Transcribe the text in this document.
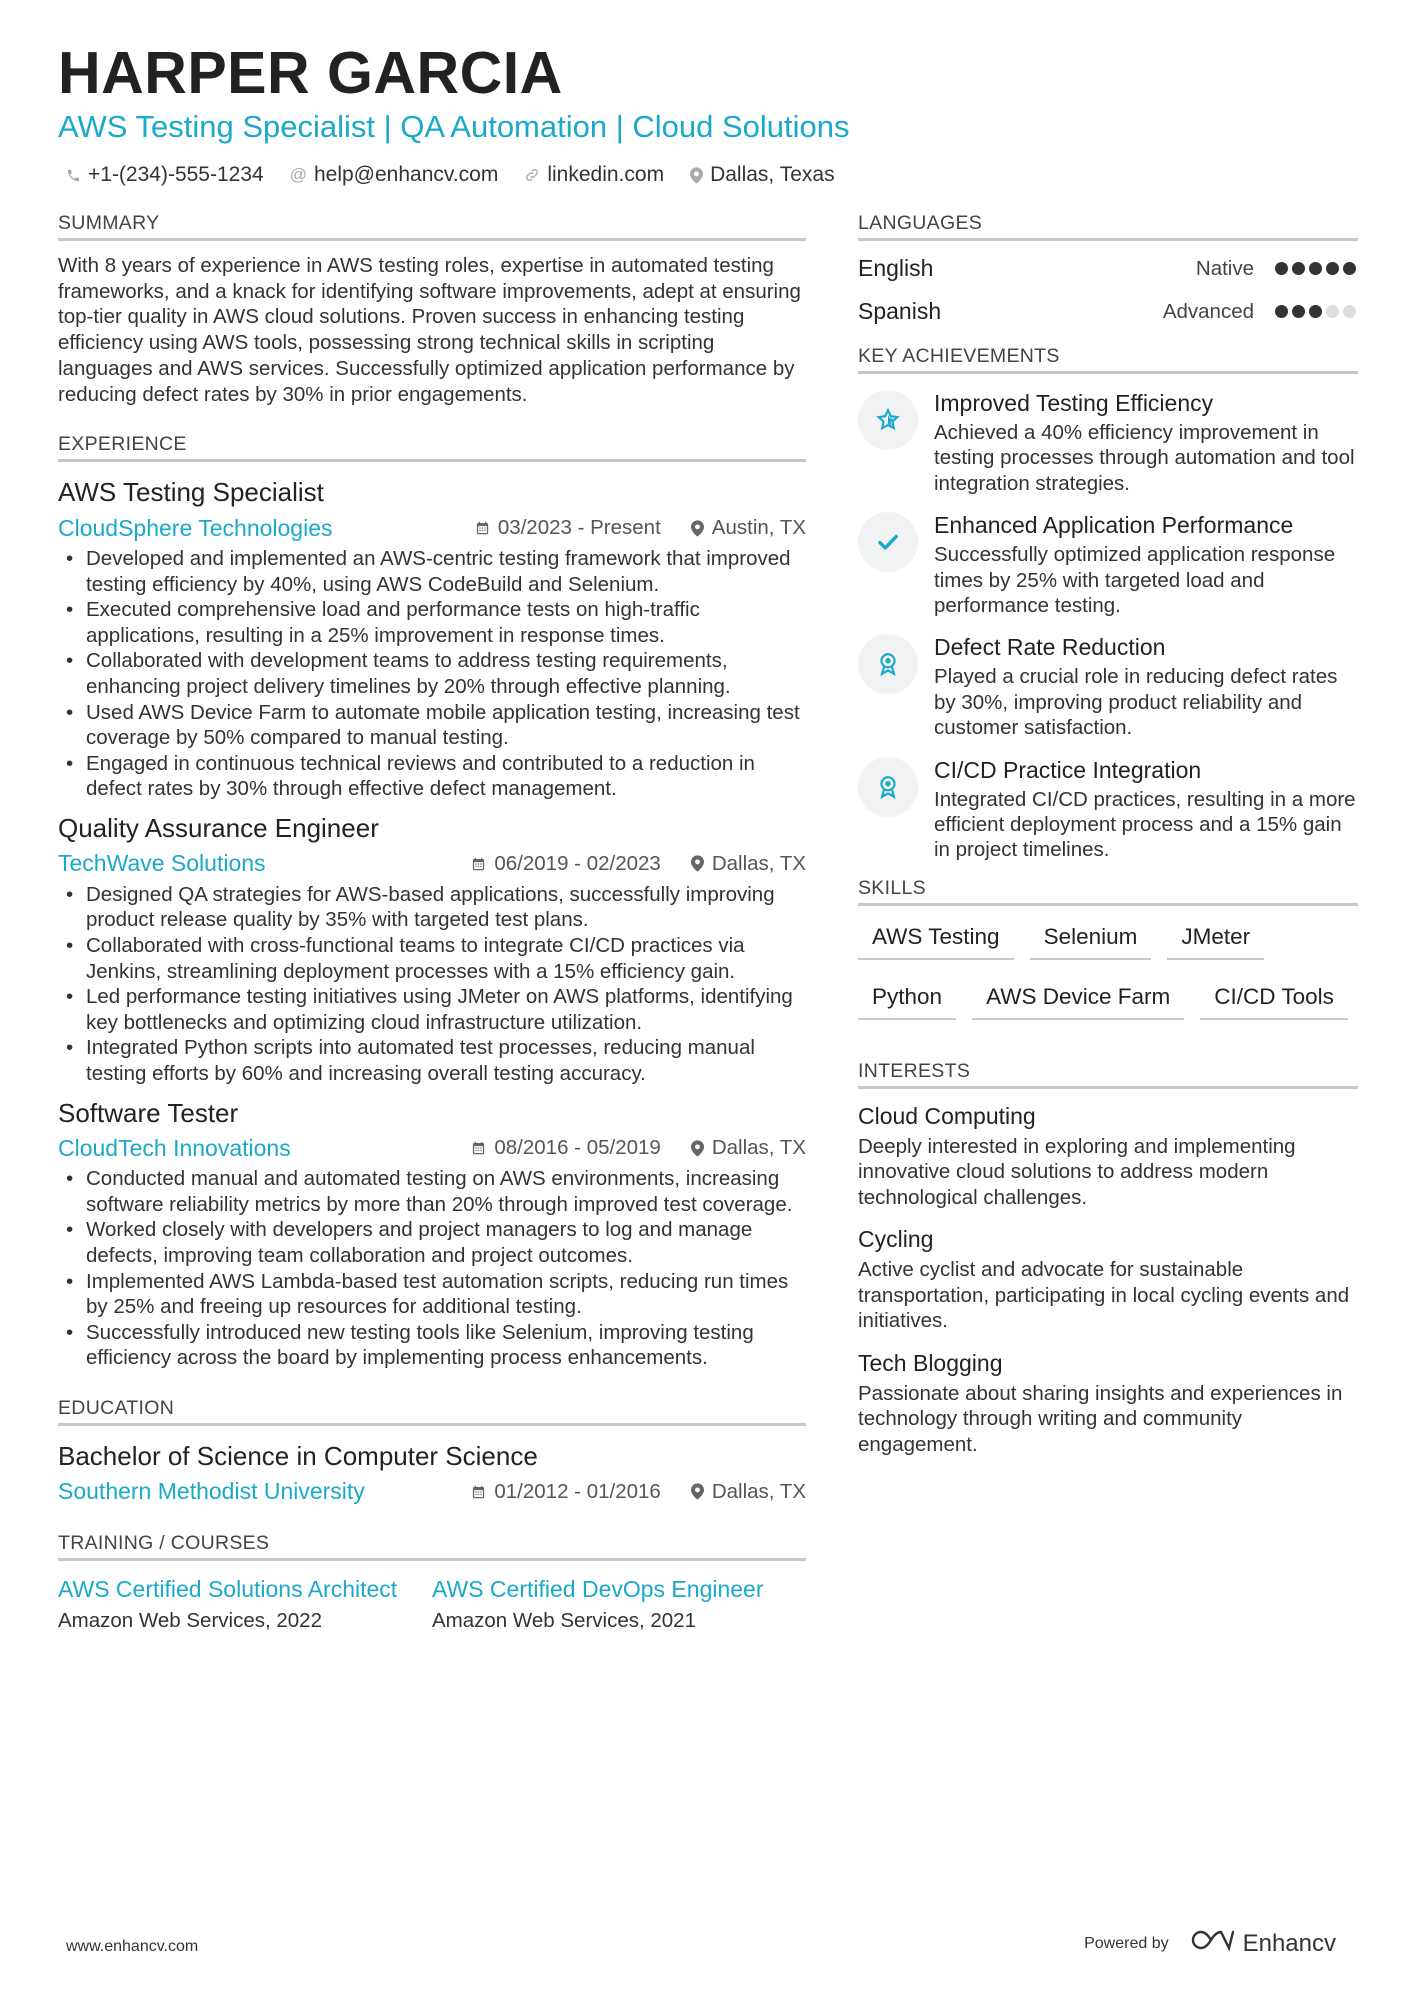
HARPER GARCIA
AWS Testing Specialist | QA Automation | Cloud Solutions
+1-(234)-555-1234 @ help@enhancv.com linkedin.com Dallas, Texas
SUMMARY
With 8 years of experience in AWS testing roles, expertise in automated testing frameworks, and a knack for identifying software improvements, adept at ensuring top-tier quality in AWS cloud solutions. Proven success in enhancing testing efficiency using AWS tools, possessing strong technical skills in scripting languages and AWS services. Successfully optimized application performance by reducing defect rates by 30% in prior engagements.
EXPERIENCE
AWS Testing Specialist
CloudSphere Technologies	03/2023 - Present Austin, TX
• Developed and implemented an AWS-centric testing framework that improved testing efficiency by 40%, using AWS CodeBuild and Selenium.
• Executed comprehensive load and performance tests on high-traffic applications, resulting in a 25% improvement in response times.
• Collaborated with development teams to address testing requirements, enhancing project delivery timelines by 20% through effective planning.
• Used AWS Device Farm to automate mobile application testing, increasing test coverage by 50% compared to manual testing.
• Engaged in continuous technical reviews and contributed to a reduction in defect rates by 30% through effective defect management.
Quality Assurance Engineer
TechWave Solutions	06/2019 - 02/2023 Dallas, TX
• Designed QA strategies for AWS-based applications, successfully improving product release quality by 35% with targeted test plans.
• Collaborated with cross-functional teams to integrate CI/CD practices via Jenkins, streamlining deployment processes with a 15% efficiency gain.
• Led performance testing initiatives using JMeter on AWS platforms, identifying key bottlenecks and optimizing cloud infrastructure utilization.
• Integrated Python scripts into automated test processes, reducing manual testing efforts by 60% and increasing overall testing accuracy.
Software Tester
CloudTech Innovations	08/2016 - 05/2019 Dallas, TX
• Conducted manual and automated testing on AWS environments, increasing software reliability metrics by more than 20% through improved test coverage.
• Worked closely with developers and project managers to log and manage defects, improving team collaboration and project outcomes.
• Implemented AWS Lambda-based test automation scripts, reducing run times by 25% and freeing up resources for additional testing.
• Successfully introduced new testing tools like Selenium, improving testing efficiency across the board by implementing process enhancements.
EDUCATION
Bachelor of Science in Computer Science
Southern Methodist University	01/2012 - 01/2016 Dallas, TX
TRAINING / COURSES
AWS Certified Solutions Architect
Amazon Web Services, 2022
AWS Certified DevOps Engineer
Amazon Web Services, 2021
LANGUAGES
English	Native
Spanish	Advanced
KEY ACHIEVEMENTS
Improved Testing Efficiency
Achieved a 40% efficiency improvement in testing processes through automation and tool integration strategies.
Enhanced Application Performance
Successfully optimized application response times by 25% with targeted load and performance testing.
Defect Rate Reduction
Played a crucial role in reducing defect rates by 30%, improving product reliability and customer satisfaction.
CI/CD Practice Integration
Integrated CI/CD practices, resulting in a more efficient deployment process and a 15% gain in project timelines.
SKILLS
AWS Testing	Selenium	JMeter
Python	AWS Device Farm	CI/CD Tools
INTERESTS
Cloud Computing
Deeply interested in exploring and implementing innovative cloud solutions to address modern technological challenges.
Cycling
Active cyclist and advocate for sustainable transportation, participating in local cycling events and initiatives.
Tech Blogging
Passionate about sharing insights and experiences in technology through writing and community engagement.
www.enhancv.com	Powered by	Enhancv
